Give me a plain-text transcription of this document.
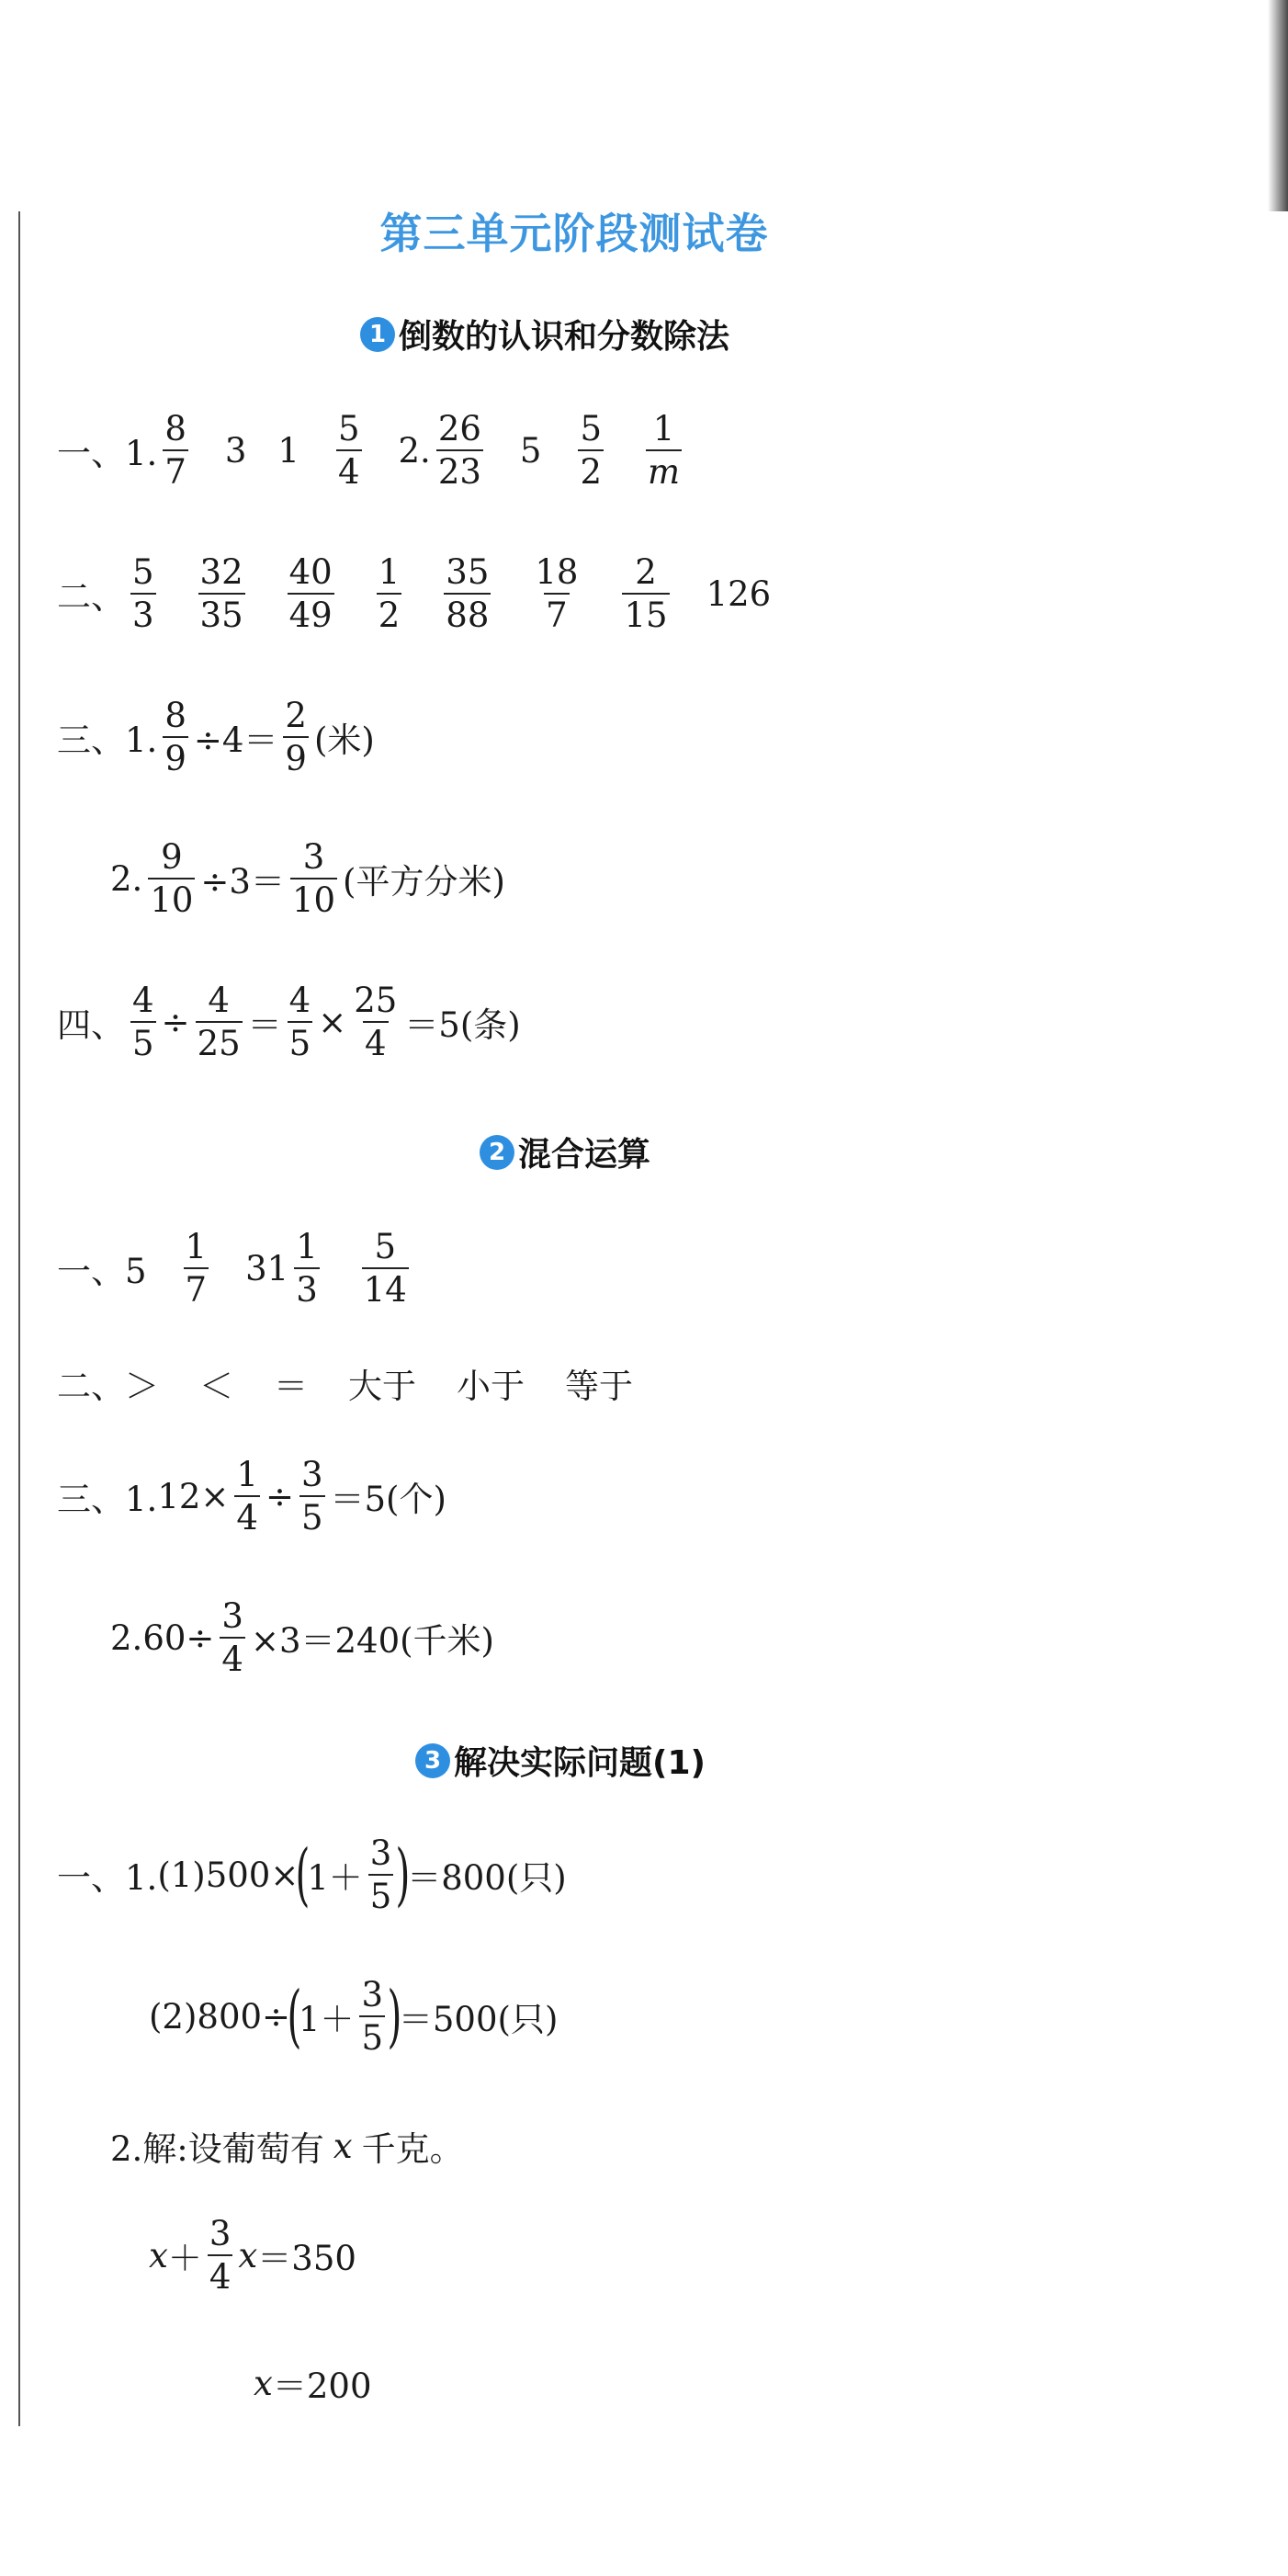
第三单元阶段测试卷
1 倒数的认识和分数除法
一、1.
8
7
3 1
5
4
2.
26
23
5
5
2
1
m
二、
5
3
32
35
40
49
1
2
35
88
18
7
2
15
126
三、1. $\frac{8}{9} \div 4=$
2
9 (米)
2. $\frac{9}{10} \div 3=$
3
10 (平方分米)
四、 $\frac{4}{5} \div \frac{4}{25} = \frac{4}{5} \times \frac{25}{4} =5$(条)
2 混合运算
一、5
1
7
31
1
3
5
14
二、 ＞ ＜ ＝ 大于 小于 等于
三、1. $12\times \frac{1}{4} \div \frac{3}{5} =5$(个)
2. $60\div \frac{3}{4} \times 3=240$(千米)
3 解决实际问题(1)
一、1. (1)500×
(
1＋
3
5 )
＝800(只)
(2)800÷
(
1＋
3
5 )
＝500(只)
2.解:设葡萄有 x 千克。
x ＋
3
4
x ＝350
x ＝200
